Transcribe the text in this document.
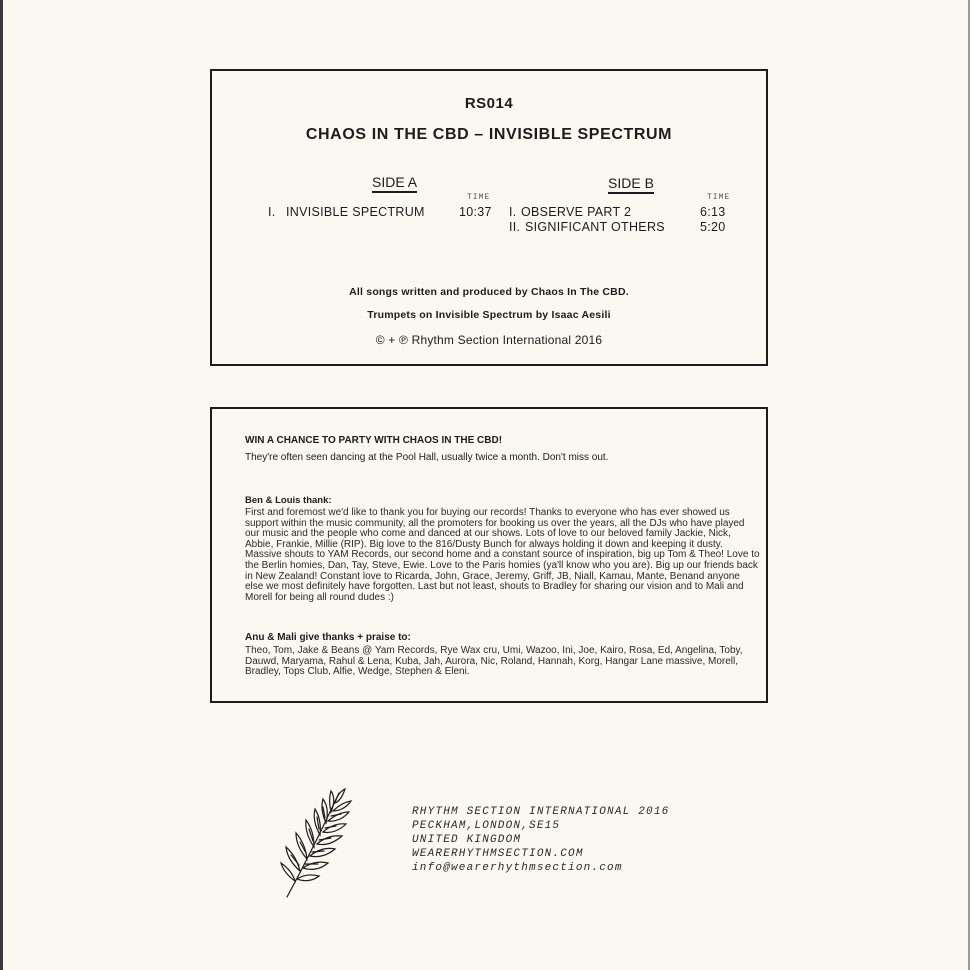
RS014
CHAOS IN THE CBD – INVISIBLE SPECTRUM
SIDE A
TIME
I. INVISIBLE SPECTRUM	10:37
SIDE B
TIME
I. OBSERVE PART 2	6:13
II. SIGNIFICANT OTHERS	5:20
All songs written and produced by Chaos In The CBD.
Trumpets on Invisible Spectrum by Isaac Aesili
© + ℗ Rhythm Section International 2016
WIN A CHANCE TO PARTY WITH CHAOS IN THE CBD!
They're often seen dancing at the Pool Hall, usually twice a month. Don't miss out.
Ben & Louis thank:
First and foremost we'd like to thank you for buying our records! Thanks to everyone who has ever showed us support within the music community, all the promoters for booking us over the years, all the DJs who have played our music and the people who come and danced at our shows. Lots of love to our beloved family Jackie, Nick, Abbie, Frankie, Millie (RIP). Big love to the 816/Dusty Bunch for always holding it down and keeping it dusty. Massive shouts to YAM Records, our second home and a constant source of inspiration, big up Tom & Theo! Love to the Berlin homies, Dan, Tay, Steve, Ewie. Love to the Paris homies (ya'll know who you are). Big up our friends back in New Zealand! Constant love to Ricarda, John, Grace, Jeremy, Griff, JB, Niall, Kamau, Mante, Benand anyone else we most definitely have forgotten. Last but not least, shouts to Bradley for sharing our vision and to Mali and Morell for being all round dudes :)
Anu & Mali give thanks + praise to:
Theo, Tom, Jake & Beans @ Yam Records, Rye Wax cru, Umi, Wazoo, Ini, Joe, Kairo, Rosa, Ed, Angelina, Toby, Dauwd, Maryama, Rahul & Lena, Kuba, Jah, Aurora, Nic, Roland, Hannah, Korg, Hangar Lane massive, Morell, Bradley, Tops Club, Alfie, Wedge, Stephen & Eleni.
RHYTHM SECTION INTERNATIONAL 2016
PECKHAM,LONDON,SE15
UNITED KINGDOM
WEARERHYTHMSECTION.COM
info@wearerhythmsection.com
